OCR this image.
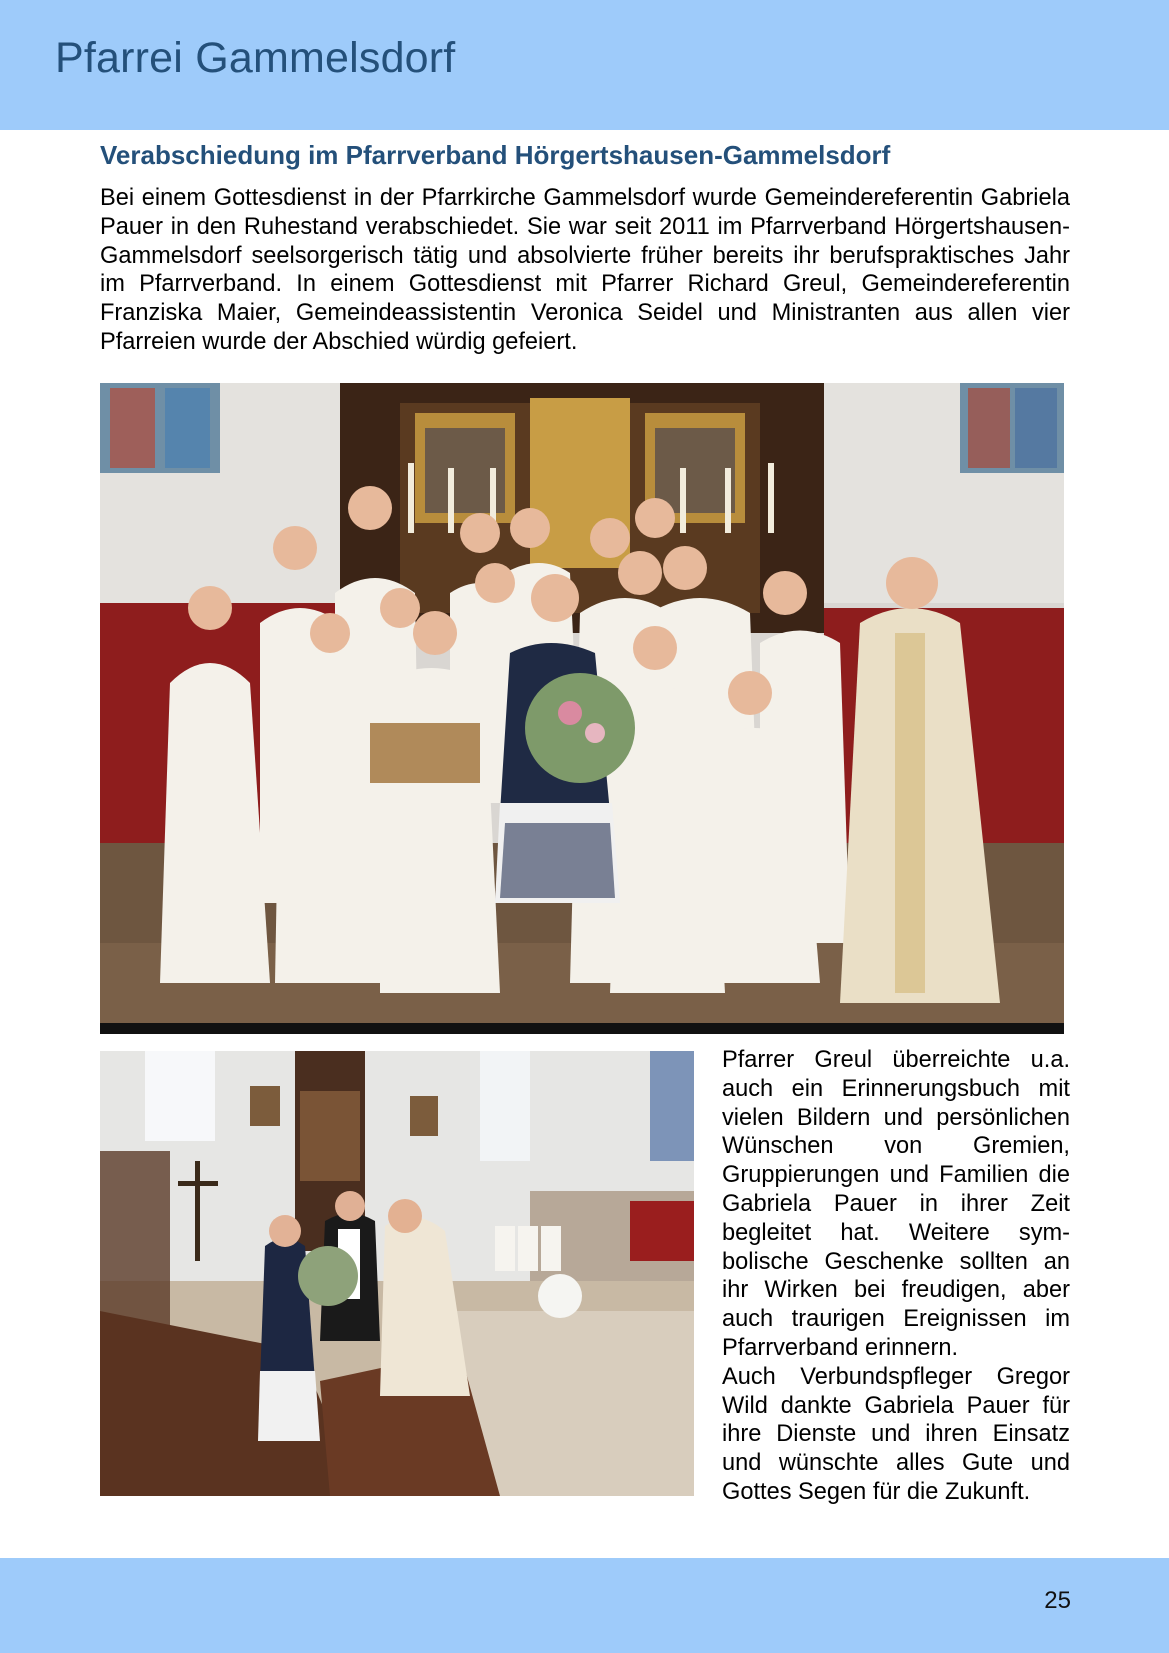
Pfarrei Gammelsdorf
Verabschiedung im Pfarrverband Hörgertshausen-Gammelsdorf
Bei einem Gottesdienst in der Pfarrkirche Gammelsdorf wurde Gemeindereferentin Gabriela Pauer in den Ruhestand verabschiedet. Sie war seit 2011 im Pfarrverband Hörgertshausen-Gammelsdorf seelsorgerisch tätig und absolvierte früher bereits ihr berufspraktisches Jahr im Pfarrverband. In einem Gottesdienst mit Pfarrer Richard Greul, Gemeindereferentin Franziska Maier, Gemeindeassistentin Veronica Seidel und Ministranten aus allen vier Pfarreien wurde der Abschied würdig gefeiert.

Pfarrer Greul überreichte u.a. auch ein Erinnerungsbuch mit vielen Bildern und persönlichen Wünschen von Gremien, Gruppierungen und Familien die Gabriela Pauer in ihrer Zeit begleitet hat. Weitere sym-bolische Geschenke sollten an ihr Wirken bei freudigen, aber auch traurigen Ereignissen im Pfarrverband erinnern.

Auch Verbundspfleger Gregor Wild dankte Gabriela Pauer für ihre Dienste und ihren Einsatz und wünschte alles Gute und Gottes Segen für die Zukunft.

25
